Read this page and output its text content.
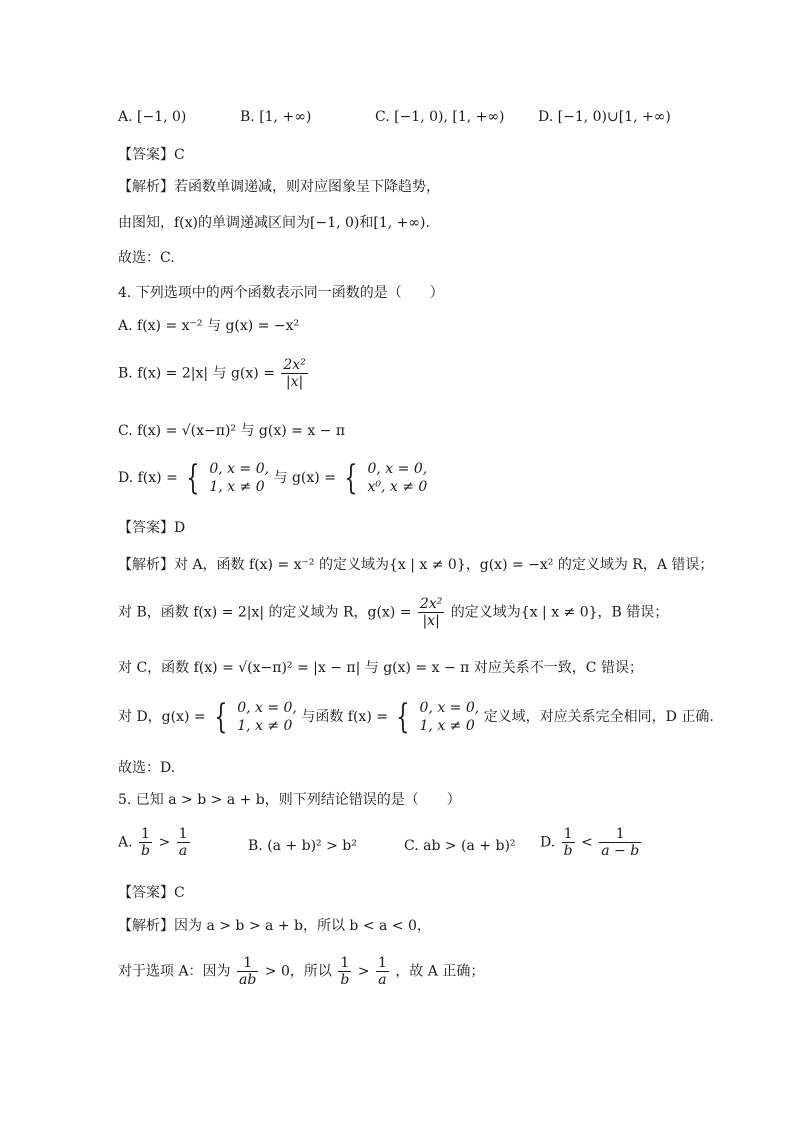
A. [−1, 0)	B. [1, +∞)	C. [−1, 0), [1, +∞) D. [−1, 0)∪[1, +∞)
【答案】C
【解析】若函数单调递减，则对应图象呈下降趋势，
由图知，f(x)的单调递减区间为[−1, 0)和[1, +∞).
故选：C.
4. 下列选项中的两个函数表示同一函数的是（　　）
A. f(x) = x⁻² 与 g(x) = −x²
B. f(x) = 2|x| 与 $g(x) = \frac{\text{2x²}}{|x|}$
C. f(x) = √(x−π)² 与 g(x) = x − π
D. f(x) = { 0, x = 0,
1, x ≠ 0
与 g(x) = { 0, x = 0,
x⁰, x ≠ 0
【答案】D
【解析】对 A，函数 f(x) = x⁻² 的定义域为{x | x ≠ 0}，g(x) = −x² 的定义域为 R，A 错误；
对 B，函数 f(x) = 2|x| 的定义域为 R，$g(x) = \frac{\text{2x²}}{|x|}$ 的定义域为{x | x ≠ 0}，B 错误；
对 C，函数 f(x) = √(x−π)² = |x − π| 与 g(x) = x − π 对应关系不一致，C 错误；
对 D，g(x) = { 0, x = 0,
1, x ≠ 0
与函数 f(x) = { 0, x = 0,
1, x ≠ 0
定义域，对应关系完全相同，D 正确.
故选：D.
5. 已知 a > b > a + b，则下列结论错误的是（　　）
A. $\frac{1}{b} > \frac{1}{a}$	B. (a + b)² > b²	C. ab > (a + b)² D. $\frac{1}{b} < \frac{1}{a - b}$
【答案】C
【解析】因为 a > b > a + b，所以 b < a < 0，
对于选项 A：因为 $\frac{1}{ab} > 0$，所以 $\frac{1}{b} > \frac{1}{a}$ ，故 A 正确；
